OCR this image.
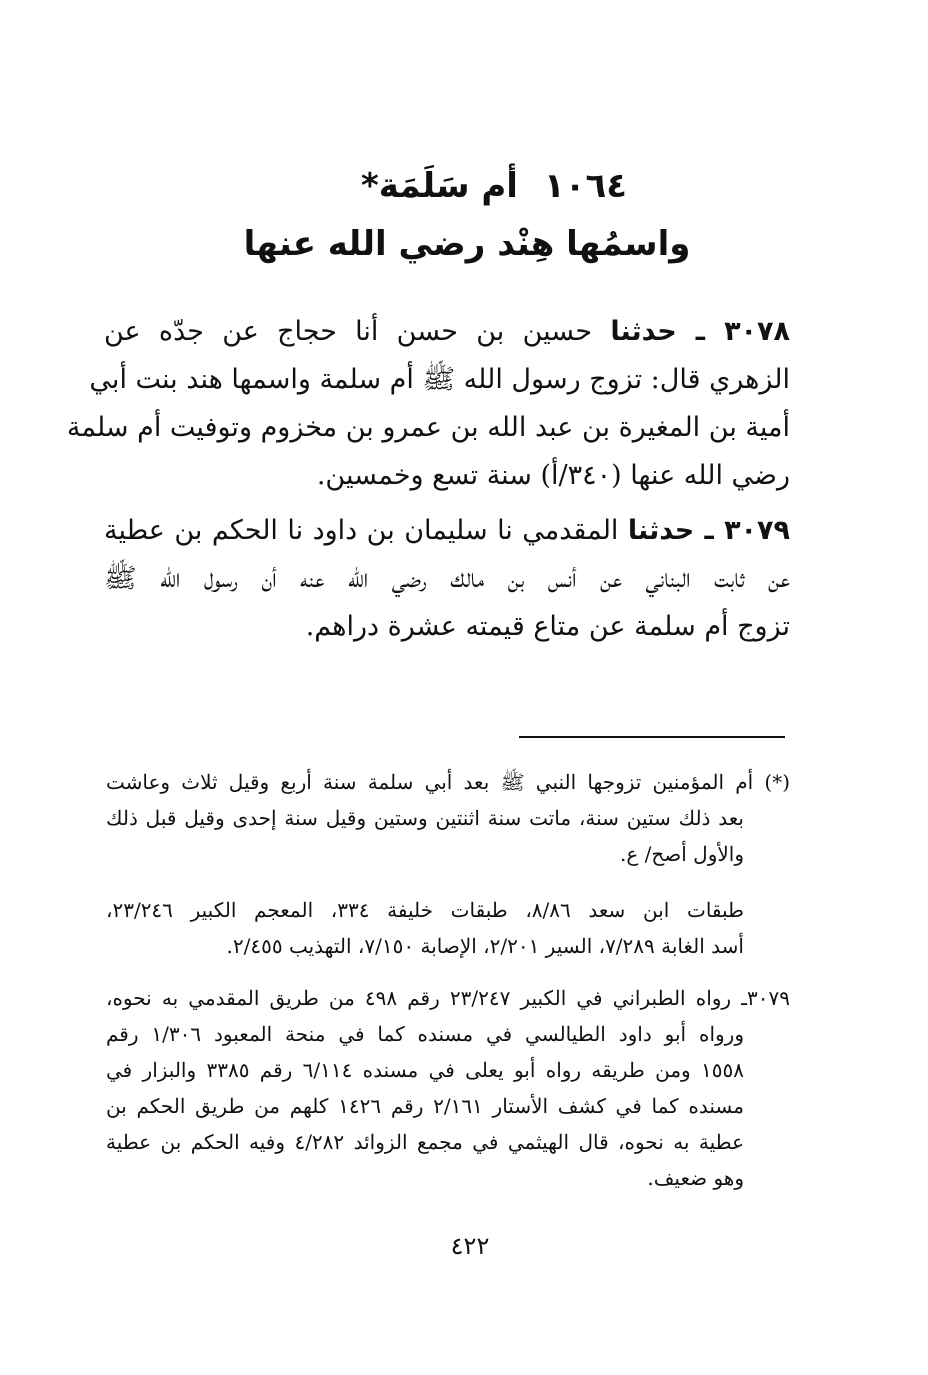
١٠٦٤أم سَلَمَة*
واسمُها هِنْد رضي الله عنها
٣٠٧٨ ـ حدثنا حسين بن حسن أنا حجاج عن جدّه عن
الزهري قال: تزوج رسول الله ﷺ أم سلمة واسمها هند بنت أبي
أمية بن المغيرة بن عبد الله بن عمرو بن مخزوم وتوفيت أم سلمة
رضي الله عنها (٣٤٠/أ) سنة تسع وخمسين.
٣٠٧٩ ـ حدثنا المقدمي نا سليمان بن داود نا الحكم بن عطية
عن ثابت البناني عن أنس بن مالك رضي الله عنه أن رسول الله ﷺ
تزوج أم سلمة عن متاع قيمته عشرة دراهم.
(*) أم المؤمنين تزوجها النبي ﷺ بعد أبي سلمة سنة أربع وقيل ثلاث وعاشت
بعد ذلك ستين سنة، ماتت سنة اثنتين وستين وقيل سنة إحدى وقيل قبل ذلك
والأول أصح/ ع.
طبقات ابن سعد ٨/٨٦، طبقات خليفة ٣٣٤، المعجم الكبير ٢٣/٢٤٦،
أسد الغابة ٧/٢٨٩، السير ٢/٢٠١، الإصابة ٧/١٥٠، التهذيب ٢/٤٥٥.
٣٠٧٩ـ رواه الطبراني في الكبير ٢٣/٢٤٧ رقم ٤٩٨ من طريق المقدمي به نحوه،
ورواه أبو داود الطيالسي في مسنده كما في منحة المعبود ١/٣٠٦ رقم
١٥٥٨ ومن طريقه رواه أبو يعلى في مسنده ٦/١١٤ رقم ٣٣٨٥ والبزار في
مسنده كما في كشف الأستار ٢/١٦١ رقم ١٤٢٦ كلهم من طريق الحكم بن
عطية به نحوه، قال الهيثمي في مجمع الزوائد ٤/٢٨٢ وفيه الحكم بن عطية
وهو ضعيف.
٤٢٢
